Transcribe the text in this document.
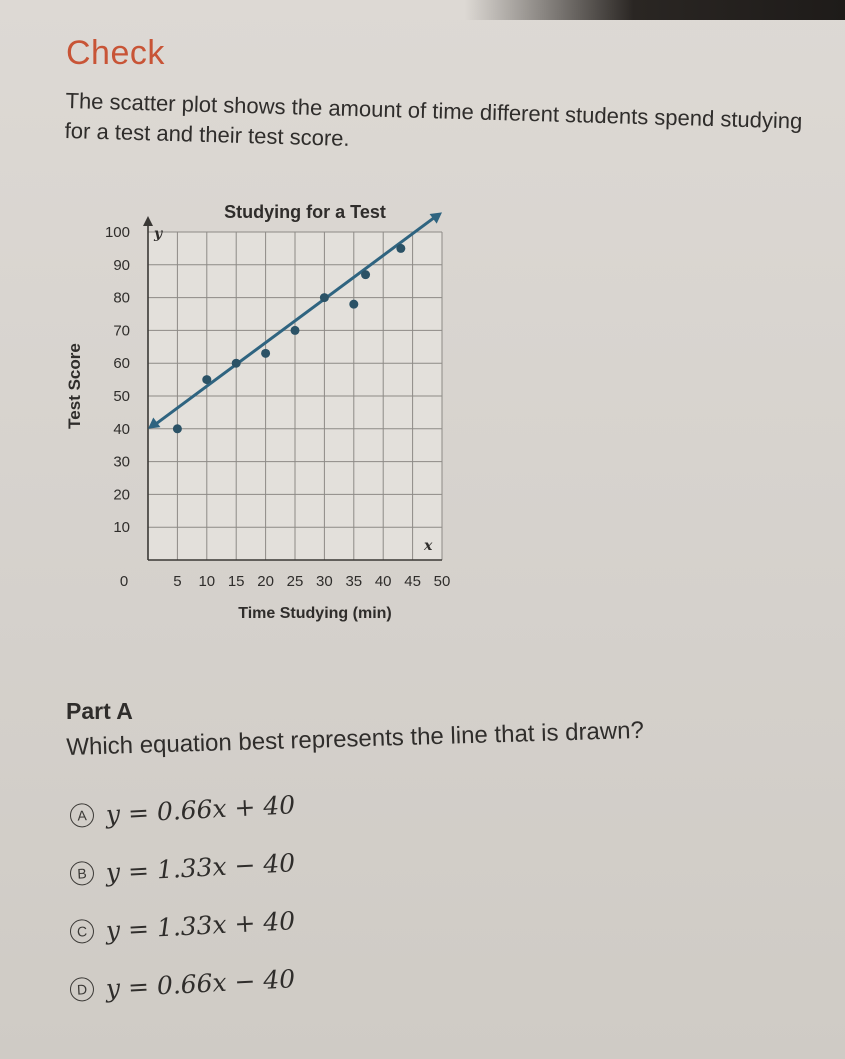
Check
The scatter plot shows the amount of time different students spend studying for a test and their test score.
y
x
Studying for a Test
10
20
30
40
50
60
70
80
90
100
5 10 15 20 25 30 35 40 45 50
0
Time Studying (min)
Test Score
Part A
Which equation best represents the line that is drawn?
A y = 0.66x + 40
B y = 1.33x − 40
C y = 1.33x + 40
D y = 0.66x − 40
